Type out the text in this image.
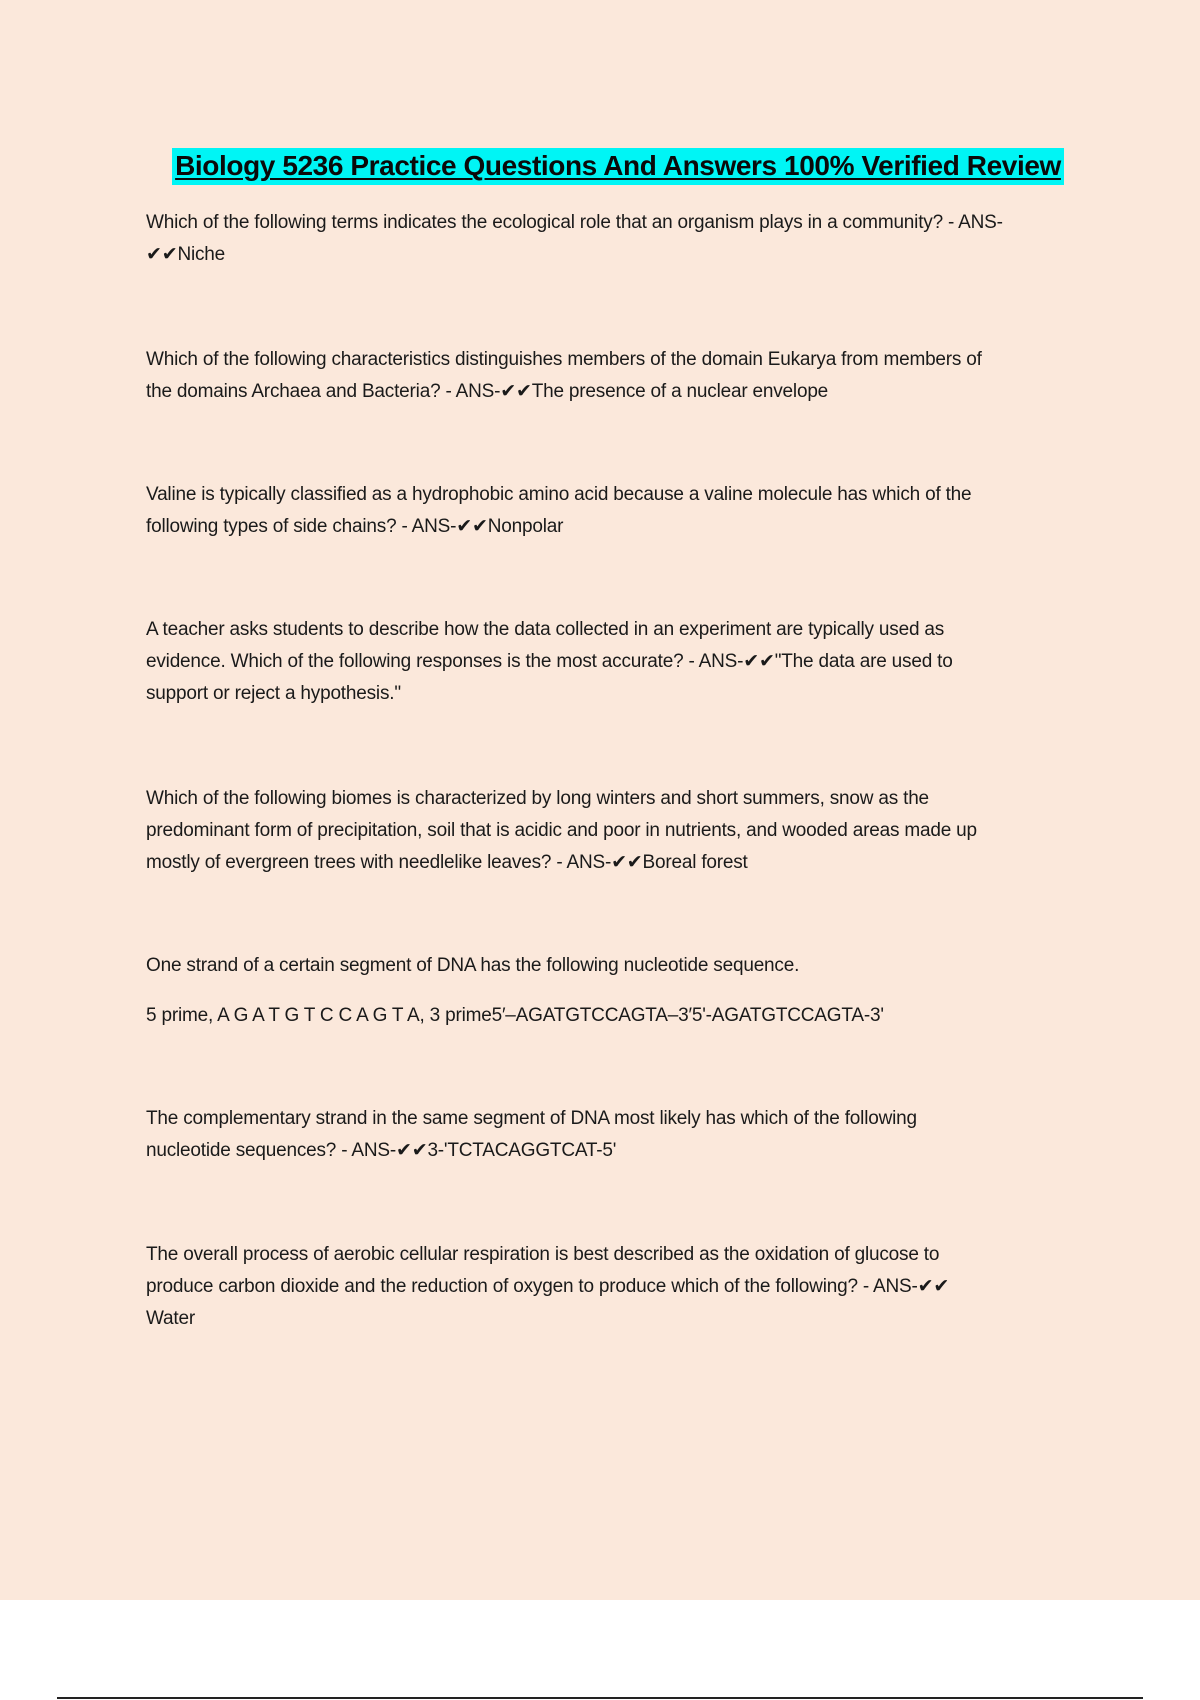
Biology 5236 Practice Questions And Answers 100% Verified Review

Which of the following terms indicates the ecological role that an organism plays in a community? - ANS-

✔✔Niche

Which of the following characteristics distinguishes members of the domain Eukarya from members of

the domains Archaea and Bacteria? - ANS-✔✔The presence of a nuclear envelope

Valine is typically classified as a hydrophobic amino acid because a valine molecule has which of the

following types of side chains? - ANS-✔✔Nonpolar

A teacher asks students to describe how the data collected in an experiment are typically used as

evidence. Which of the following responses is the most accurate? - ANS-✔✔"The data are used to

support or reject a hypothesis."

Which of the following biomes is characterized by long winters and short summers, snow as the

predominant form of precipitation, soil that is acidic and poor in nutrients, and wooded areas made up

mostly of evergreen trees with needlelike leaves? - ANS-✔✔Boreal forest

One strand of a certain segment of DNA has the following nucleotide sequence.

5 prime, A G A T G T C C A G T A, 3 prime5′–AGATGTCCAGTA–3′5'-AGATGTCCAGTA-3'

The complementary strand in the same segment of DNA most likely has which of the following

nucleotide sequences? - ANS-✔✔3-'TCTACAGGTCAT-5'

The overall process of aerobic cellular respiration is best described as the oxidation of glucose to

produce carbon dioxide and the reduction of oxygen to produce which of the following? - ANS-✔✔

Water
